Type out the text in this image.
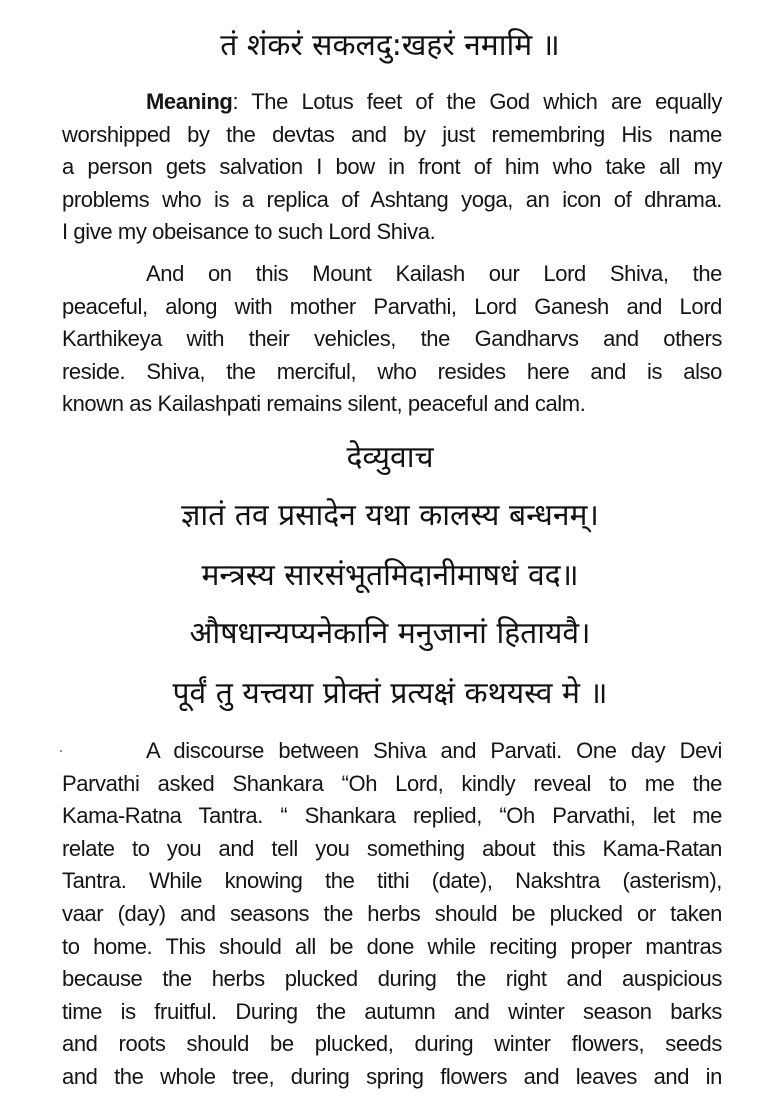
तं शंकरं सकलदु:खहरं नमामि ॥
Meaning: The Lotus feet of the God which are equally
worshipped by the devtas and by just remembring His name
a person gets salvation I bow in front of him who take all my
problems who is a replica of Ashtang yoga, an icon of dhrama.
I give my obeisance to such Lord Shiva.
And on this Mount Kailash our Lord Shiva, the
peaceful, along with mother Parvathi, Lord Ganesh and Lord
Karthikeya with their vehicles, the Gandharvs and others
reside. Shiva, the merciful, who resides here and is also
known as Kailashpati remains silent, peaceful and calm.
देव्युवाच
ज्ञातं तव प्रसादेन यथा कालस्य बन्धनम्।
मन्त्रस्य सारसंभूतमिदानीमाषधं वद॥
औषधान्यप्यनेकानि मनुजानां हितायवै।
पूर्वं तु यत्त्वया प्रोक्तं प्रत्यक्षं कथयस्व मे ॥
A discourse between Shiva and Parvati. One day Devi
Parvathi asked Shankara “Oh Lord, kindly reveal to me the
Kama-Ratna Tantra. “ Shankara replied, “Oh Parvathi, let me
relate to you and tell you something about this Kama-Ratan
Tantra. While knowing the tithi (date), Nakshtra (asterism),
vaar (day) and seasons the herbs should be plucked or taken
to home. This should all be done while reciting proper mantras
because the herbs plucked during the right and auspicious
time is fruitful. During the autumn and winter season barks
and roots should be plucked, during winter flowers, seeds
and the whole tree, during spring flowers and leaves and in
